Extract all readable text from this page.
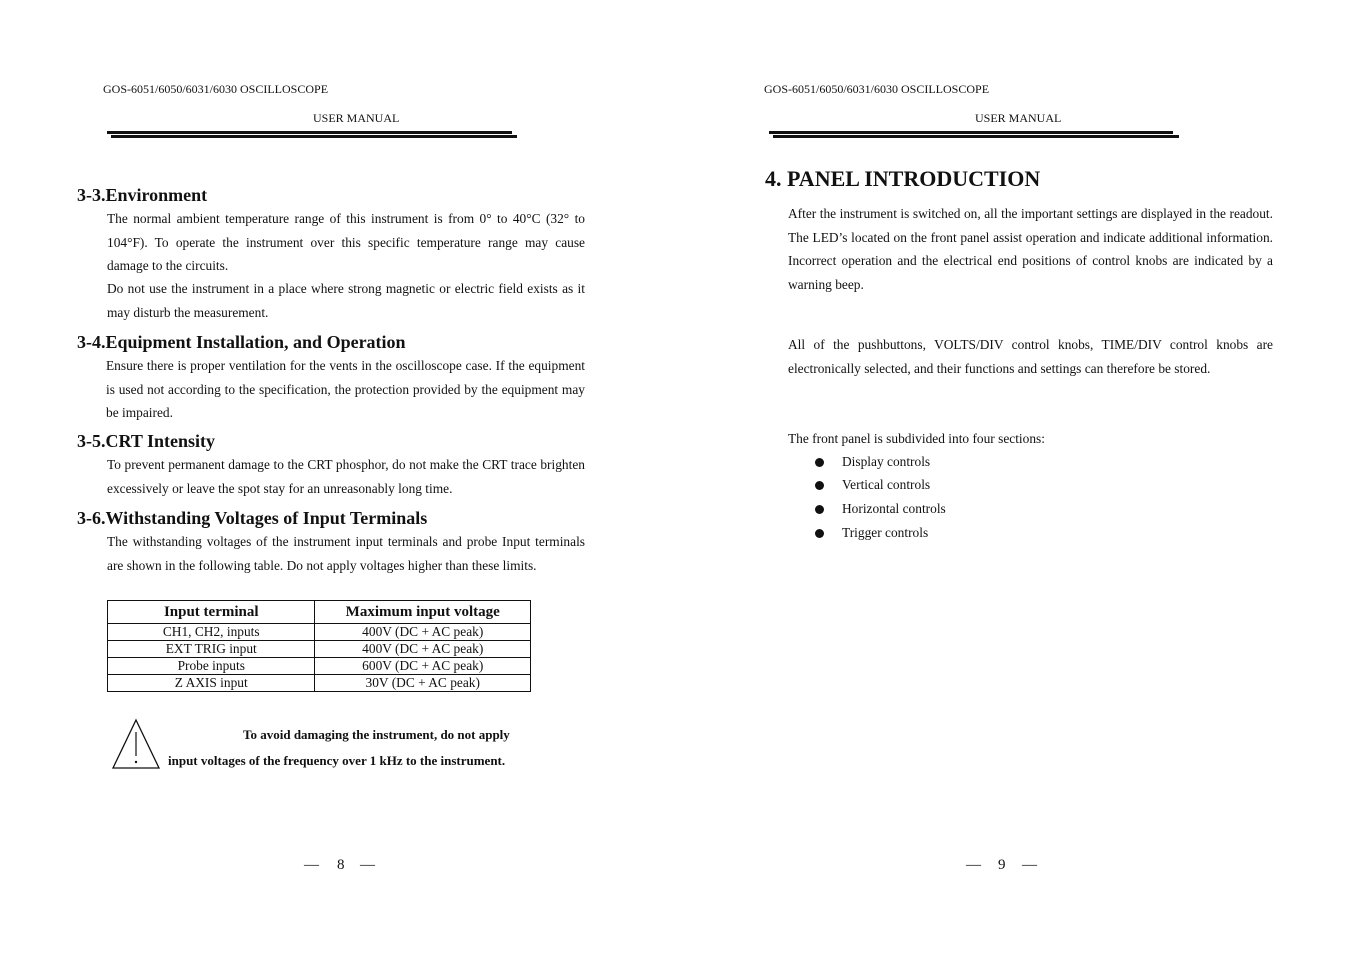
GOS-6051/6050/6031/6030 OSCILLOSCOPE
USER MANUAL
3-3.Environment
The normal ambient temperature range of this instrument is from 0° to 40°C (32° to 104°F). To operate the instrument over this specific temperature range may cause damage to the circuits.
Do not use the instrument in a place where strong magnetic or electric field exists as it may disturb the measurement.
3-4.Equipment Installation, and Operation
Ensure there is proper ventilation for the vents in the oscilloscope case. If the equipment is used not according to the specification, the protection provided by the equipment may be impaired.
3-5.CRT Intensity
To prevent permanent damage to the CRT phosphor, do not make the CRT trace brighten excessively or leave the spot stay for an unreasonably long time.
3-6.Withstanding Voltages of Input Terminals
The withstanding voltages of the instrument input terminals and probe Input terminals are shown in the following table. Do not apply voltages higher than these limits.
Input terminal	Maximum input voltage
CH1, CH2, inputs	400V (DC + AC peak)
EXT TRIG input	400V (DC + AC peak)
Probe inputs	600V (DC + AC peak)
Z AXIS input	30V (DC + AC peak)
To avoid damaging the instrument, do not apply
input voltages of the frequency over 1 kHz to the instrument.
— 8 —
GOS-6051/6050/6031/6030 OSCILLOSCOPE
USER MANUAL
4. PANEL INTRODUCTION
After the instrument is switched on, all the important settings are displayed in the readout. The LED’s located on the front panel assist operation and indicate additional information. Incorrect operation and the electrical end positions of control knobs are indicated by a warning beep.
All of the pushbuttons, VOLTS/DIV control knobs, TIME/DIV control knobs are electronically selected, and their functions and settings can therefore be stored.
The front panel is subdivided into four sections:
Display controls
Vertical controls
Horizontal controls
Trigger controls
— 9 —
